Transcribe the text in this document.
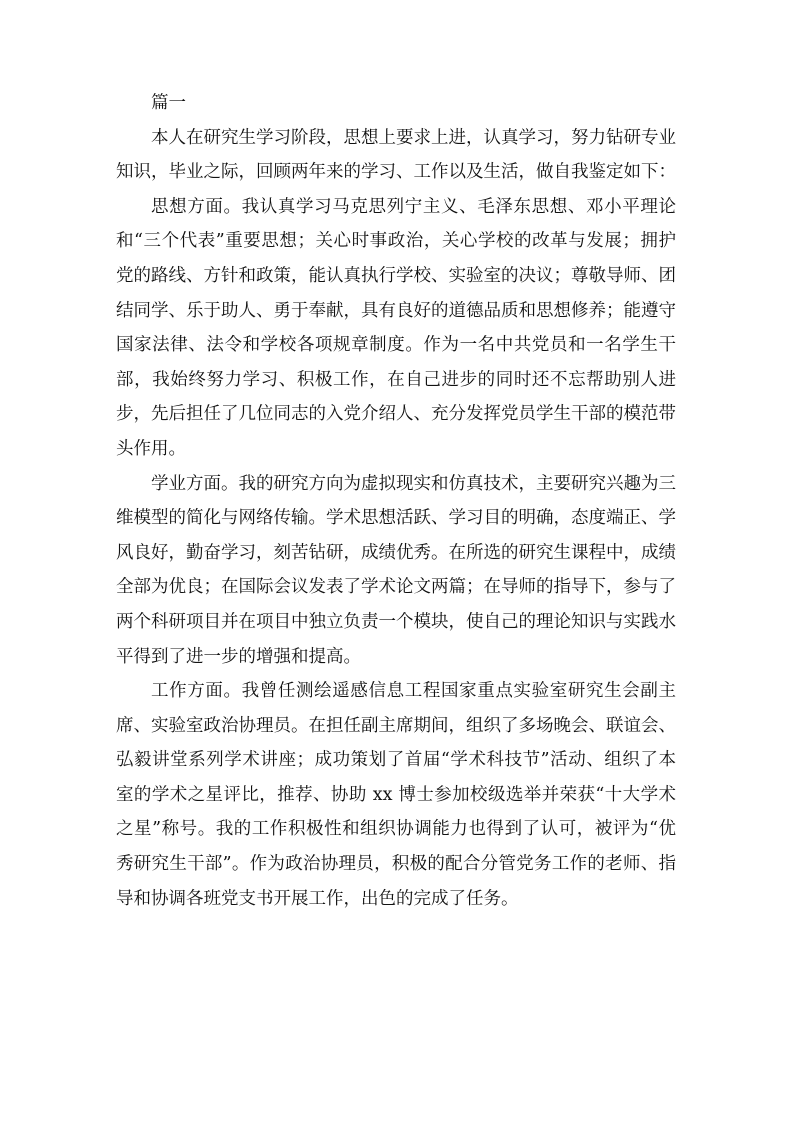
篇一

本人在研究生学习阶段，思想上要求上进，认真学习，努力钻研专业知识，毕业之际，回顾两年来的学习、工作以及生活，做自我鉴定如下：

思想方面。我认真学习马克思列宁主义、毛泽东思想、邓小平理论和“三个代表”重要思想；关心时事政治，关心学校的改革与发展；拥护党的路线、方针和政策，能认真执行学校、实验室的决议；尊敬导师、团结同学、乐于助人、勇于奉献，具有良好的道德品质和思想修养；能遵守国家法律、法令和学校各项规章制度。作为一名中共党员和一名学生干部，我始终努力学习、积极工作，在自己进步的同时还不忘帮助别人进步，先后担任了几位同志的入党介绍人、充分发挥党员学生干部的模范带头作用。

学业方面。我的研究方向为虚拟现实和仿真技术，主要研究兴趣为三维模型的简化与网络传输。学术思想活跃、学习目的明确，态度端正、学风良好，勤奋学习，刻苦钻研，成绩优秀。在所选的研究生课程中，成绩全部为优良；在国际会议发表了学术论文两篇；在导师的指导下，参与了两个科研项目并在项目中独立负责一个模块，使自己的理论知识与实践水平得到了进一步的增强和提高。

工作方面。我曾任测绘遥感信息工程国家重点实验室研究生会副主席、实验室政治协理员。在担任副主席期间，组织了多场晚会、联谊会、弘毅讲堂系列学术讲座；成功策划了首届“学术科技节”活动、组织了本室的学术之星评比，推荐、协助 xx 博士参加校级选举并荣获“十大学术之星”称号。我的工作积极性和组织协调能力也得到了认可，被评为“优秀研究生干部”。作为政治协理员，积极的配合分管党务工作的老师、指导和协调各班党支书开展工作，出色的完成了任务。
